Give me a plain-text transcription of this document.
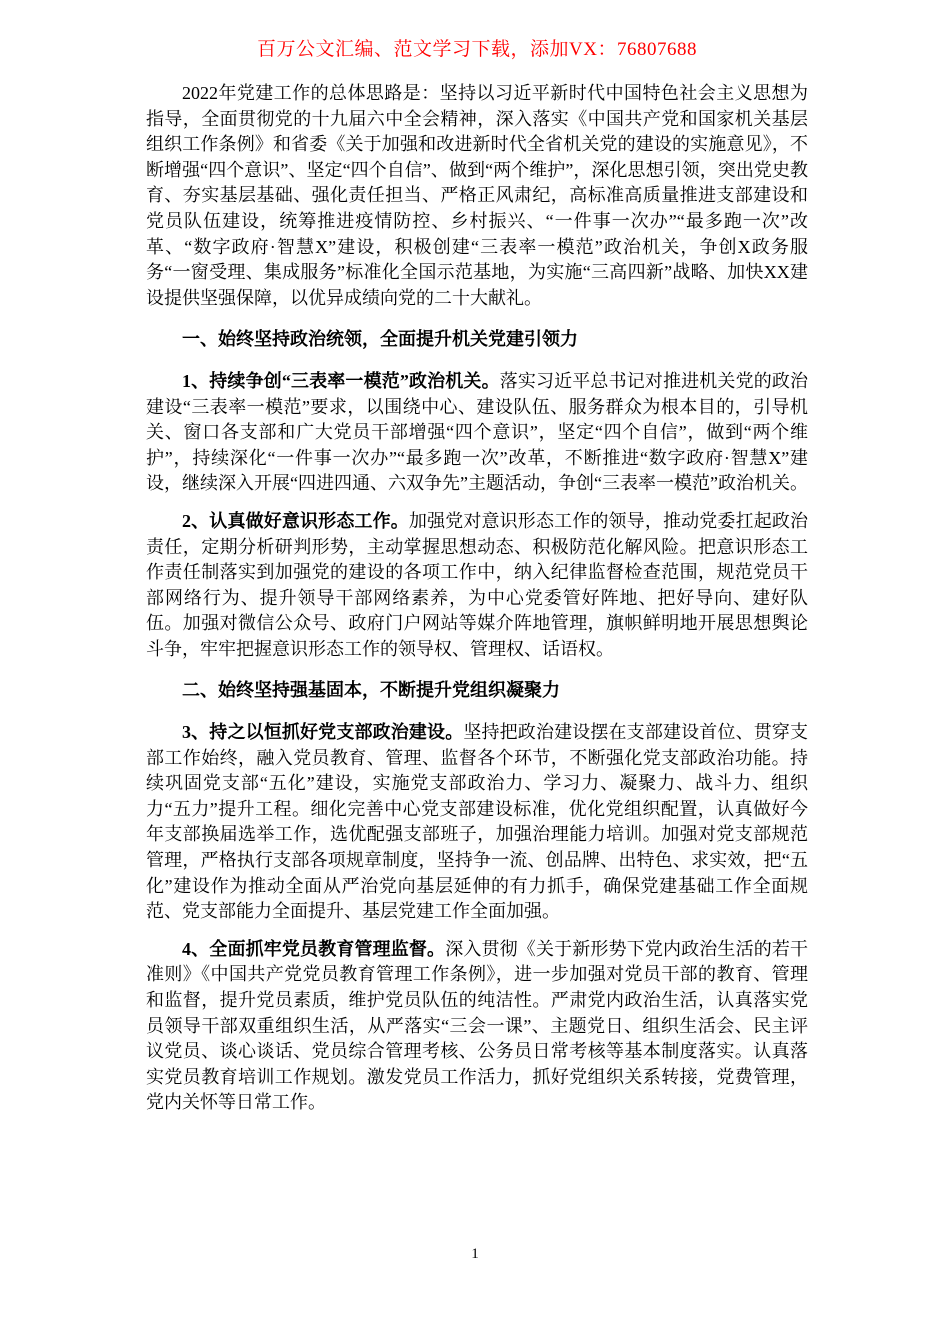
百万公文汇编、范文学习下载，添加VX：76807688

2022年党建工作的总体思路是：坚持以习近平新时代中国特色社会主义思想为指导，全面贯彻党的十九届六中全会精神，深入落实《中国共产党和国家机关基层组织工作条例》和省委《关于加强和改进新时代全省机关党的建设的实施意见》，不断增强“四个意识”、坚定“四个自信”、做到“两个维护”，深化思想引领，突出党史教育、夯实基层基础、强化责任担当、严格正风肃纪，高标准高质量推进支部建设和党员队伍建设，统筹推进疫情防控、乡村振兴、“一件事一次办”“最多跑一次”改革、“数字政府·智慧X”建设，积极创建“三表率一模范”政治机关，争创X政务服务“一窗受理、集成服务”标准化全国示范基地，为实施“三高四新”战略、加快XX建设提供坚强保障，以优异成绩向党的二十大献礼。

一、始终坚持政治统领，全面提升机关党建引领力

1、持续争创“三表率一模范”政治机关。落实习近平总书记对推进机关党的政治建设“三表率一模范”要求，以围绕中心、建设队伍、服务群众为根本目的，引导机关、窗口各支部和广大党员干部增强“四个意识”，坚定“四个自信”，做到“两个维护”，持续深化“一件事一次办”“最多跑一次”改革，不断推进“数字政府·智慧X”建设，继续深入开展“四进四通、六双争先”主题活动，争创“三表率一模范”政治机关。

2、认真做好意识形态工作。加强党对意识形态工作的领导，推动党委扛起政治责任，定期分析研判形势，主动掌握思想动态、积极防范化解风险。把意识形态工作责任制落实到加强党的建设的各项工作中，纳入纪律监督检查范围，规范党员干部网络行为、提升领导干部网络素养，为中心党委管好阵地、把好导向、建好队伍。加强对微信公众号、政府门户网站等媒介阵地管理，旗帜鲜明地开展思想舆论斗争，牢牢把握意识形态工作的领导权、管理权、话语权。

二、始终坚持强基固本，不断提升党组织凝聚力

3、持之以恒抓好党支部政治建设。坚持把政治建设摆在支部建设首位、贯穿支部工作始终，融入党员教育、管理、监督各个环节，不断强化党支部政治功能。持续巩固党支部“五化”建设，实施党支部政治力、学习力、凝聚力、战斗力、组织力“五力”提升工程。细化完善中心党支部建设标准，优化党组织配置，认真做好今年支部换届选举工作，选优配强支部班子，加强治理能力培训。加强对党支部规范管理，严格执行支部各项规章制度，坚持争一流、创品牌、出特色、求实效，把“五化”建设作为推动全面从严治党向基层延伸的有力抓手，确保党建基础工作全面规范、党支部能力全面提升、基层党建工作全面加强。

4、全面抓牢党员教育管理监督。深入贯彻《关于新形势下党内政治生活的若干准则》《中国共产党党员教育管理工作条例》，进一步加强对党员干部的教育、管理和监督，提升党员素质，维护党员队伍的纯洁性。严肃党内政治生活，认真落实党员领导干部双重组织生活，从严落实“三会一课”、主题党日、组织生活会、民主评议党员、谈心谈话、党员综合管理考核、公务员日常考核等基本制度落实。认真落实党员教育培训工作规划。激发党员工作活力，抓好党组织关系转接，党费管理，党内关怀等日常工作。

1
